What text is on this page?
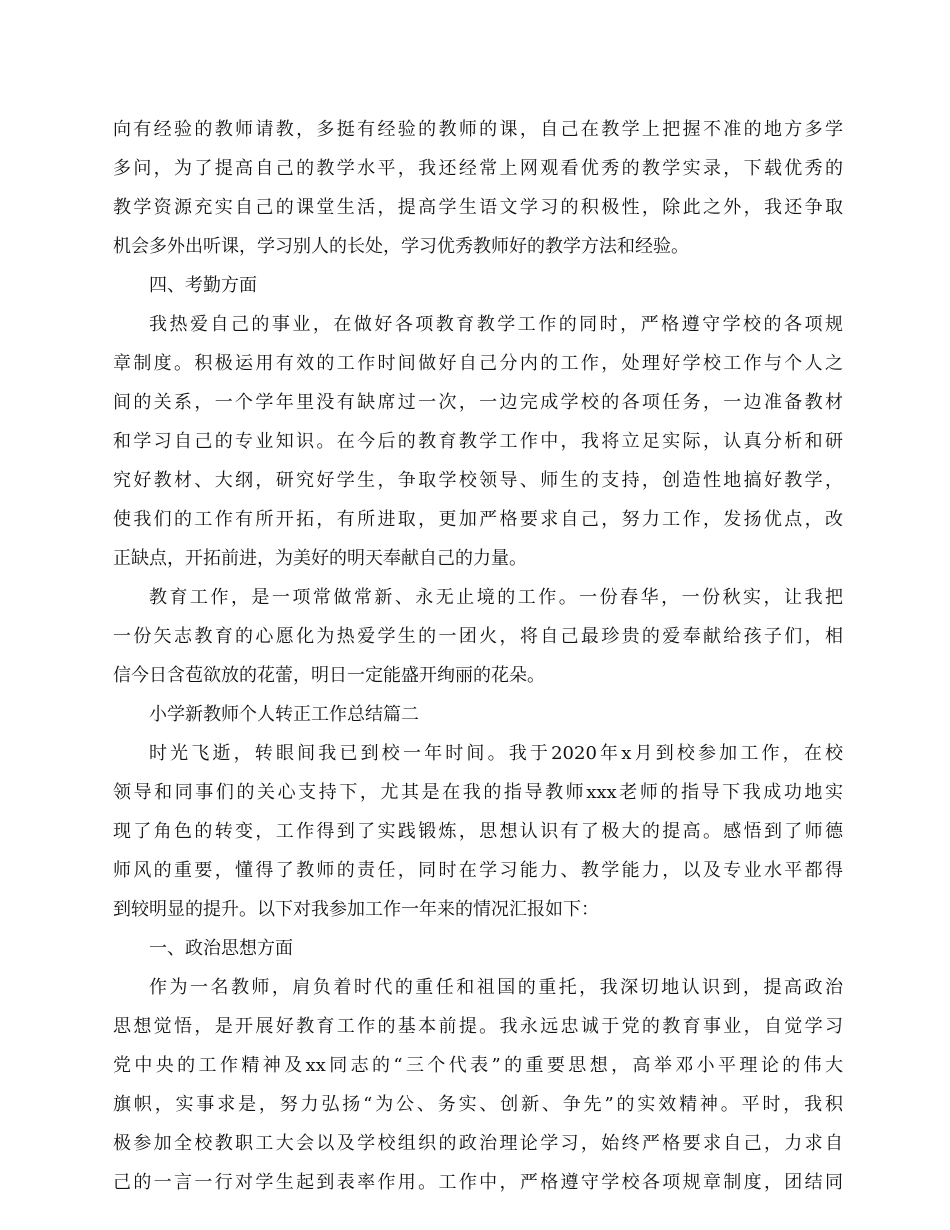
向有经验的教师请教，多挺有经验的教师的课，自己在教学上把握不准的地方多学
多问，为了提高自己的教学水平，我还经常上网观看优秀的教学实录，下载优秀的
教学资源充实自己的课堂生活，提高学生语文学习的积极性，除此之外，我还争取
机会多外出听课，学习别人的长处，学习优秀教师好的教学方法和经验。
四、考勤方面
我热爱自己的事业，在做好各项教育教学工作的同时，严格遵守学校的各项规
章制度。积极运用有效的工作时间做好自己分内的工作，处理好学校工作与个人之
间的关系，一个学年里没有缺席过一次，一边完成学校的各项任务，一边准备教材
和学习自己的专业知识。在今后的教育教学工作中，我将立足实际，认真分析和研
究好教材、大纲，研究好学生，争取学校领导、师生的支持，创造性地搞好教学，
使我们的工作有所开拓，有所进取，更加严格要求自己，努力工作，发扬优点，改
正缺点，开拓前进，为美好的明天奉献自己的力量。
教育工作，是一项常做常新、永无止境的工作。一份春华，一份秋实，让我把
一份矢志教育的心愿化为热爱学生的一团火，将自己最珍贵的爱奉献给孩子们，相
信今日含苞欲放的花蕾，明日一定能盛开绚丽的花朵。
小学新教师个人转正工作总结篇二
时光飞逝，转眼间我已到校一年时间。我于2020年x月到校参加工作，在校
领导和同事们的关心支持下，尤其是在我的指导教师xxx老师的指导下我成功地实
现了角色的转变，工作得到了实践锻炼，思想认识有了极大的提高。感悟到了师德
师风的重要，懂得了教师的责任，同时在学习能力、教学能力，以及专业水平都得
到较明显的提升。以下对我参加工作一年来的情况汇报如下：
一、政治思想方面
作为一名教师，肩负着时代的重任和祖国的重托，我深切地认识到，提高政治
思想觉悟，是开展好教育工作的基本前提。我永远忠诚于党的教育事业，自觉学习
党中央的工作精神及xx同志的“三个代表”的重要思想，高举邓小平理论的伟大
旗帜，实事求是，努力弘扬“为公、务实、创新、争先”的实效精神。平时，我积
极参加全校教职工大会以及学校组织的政治理论学习，始终严格要求自己，力求自
己的一言一行对学生起到表率作用。工作中，严格遵守学校各项规章制度，团结同
